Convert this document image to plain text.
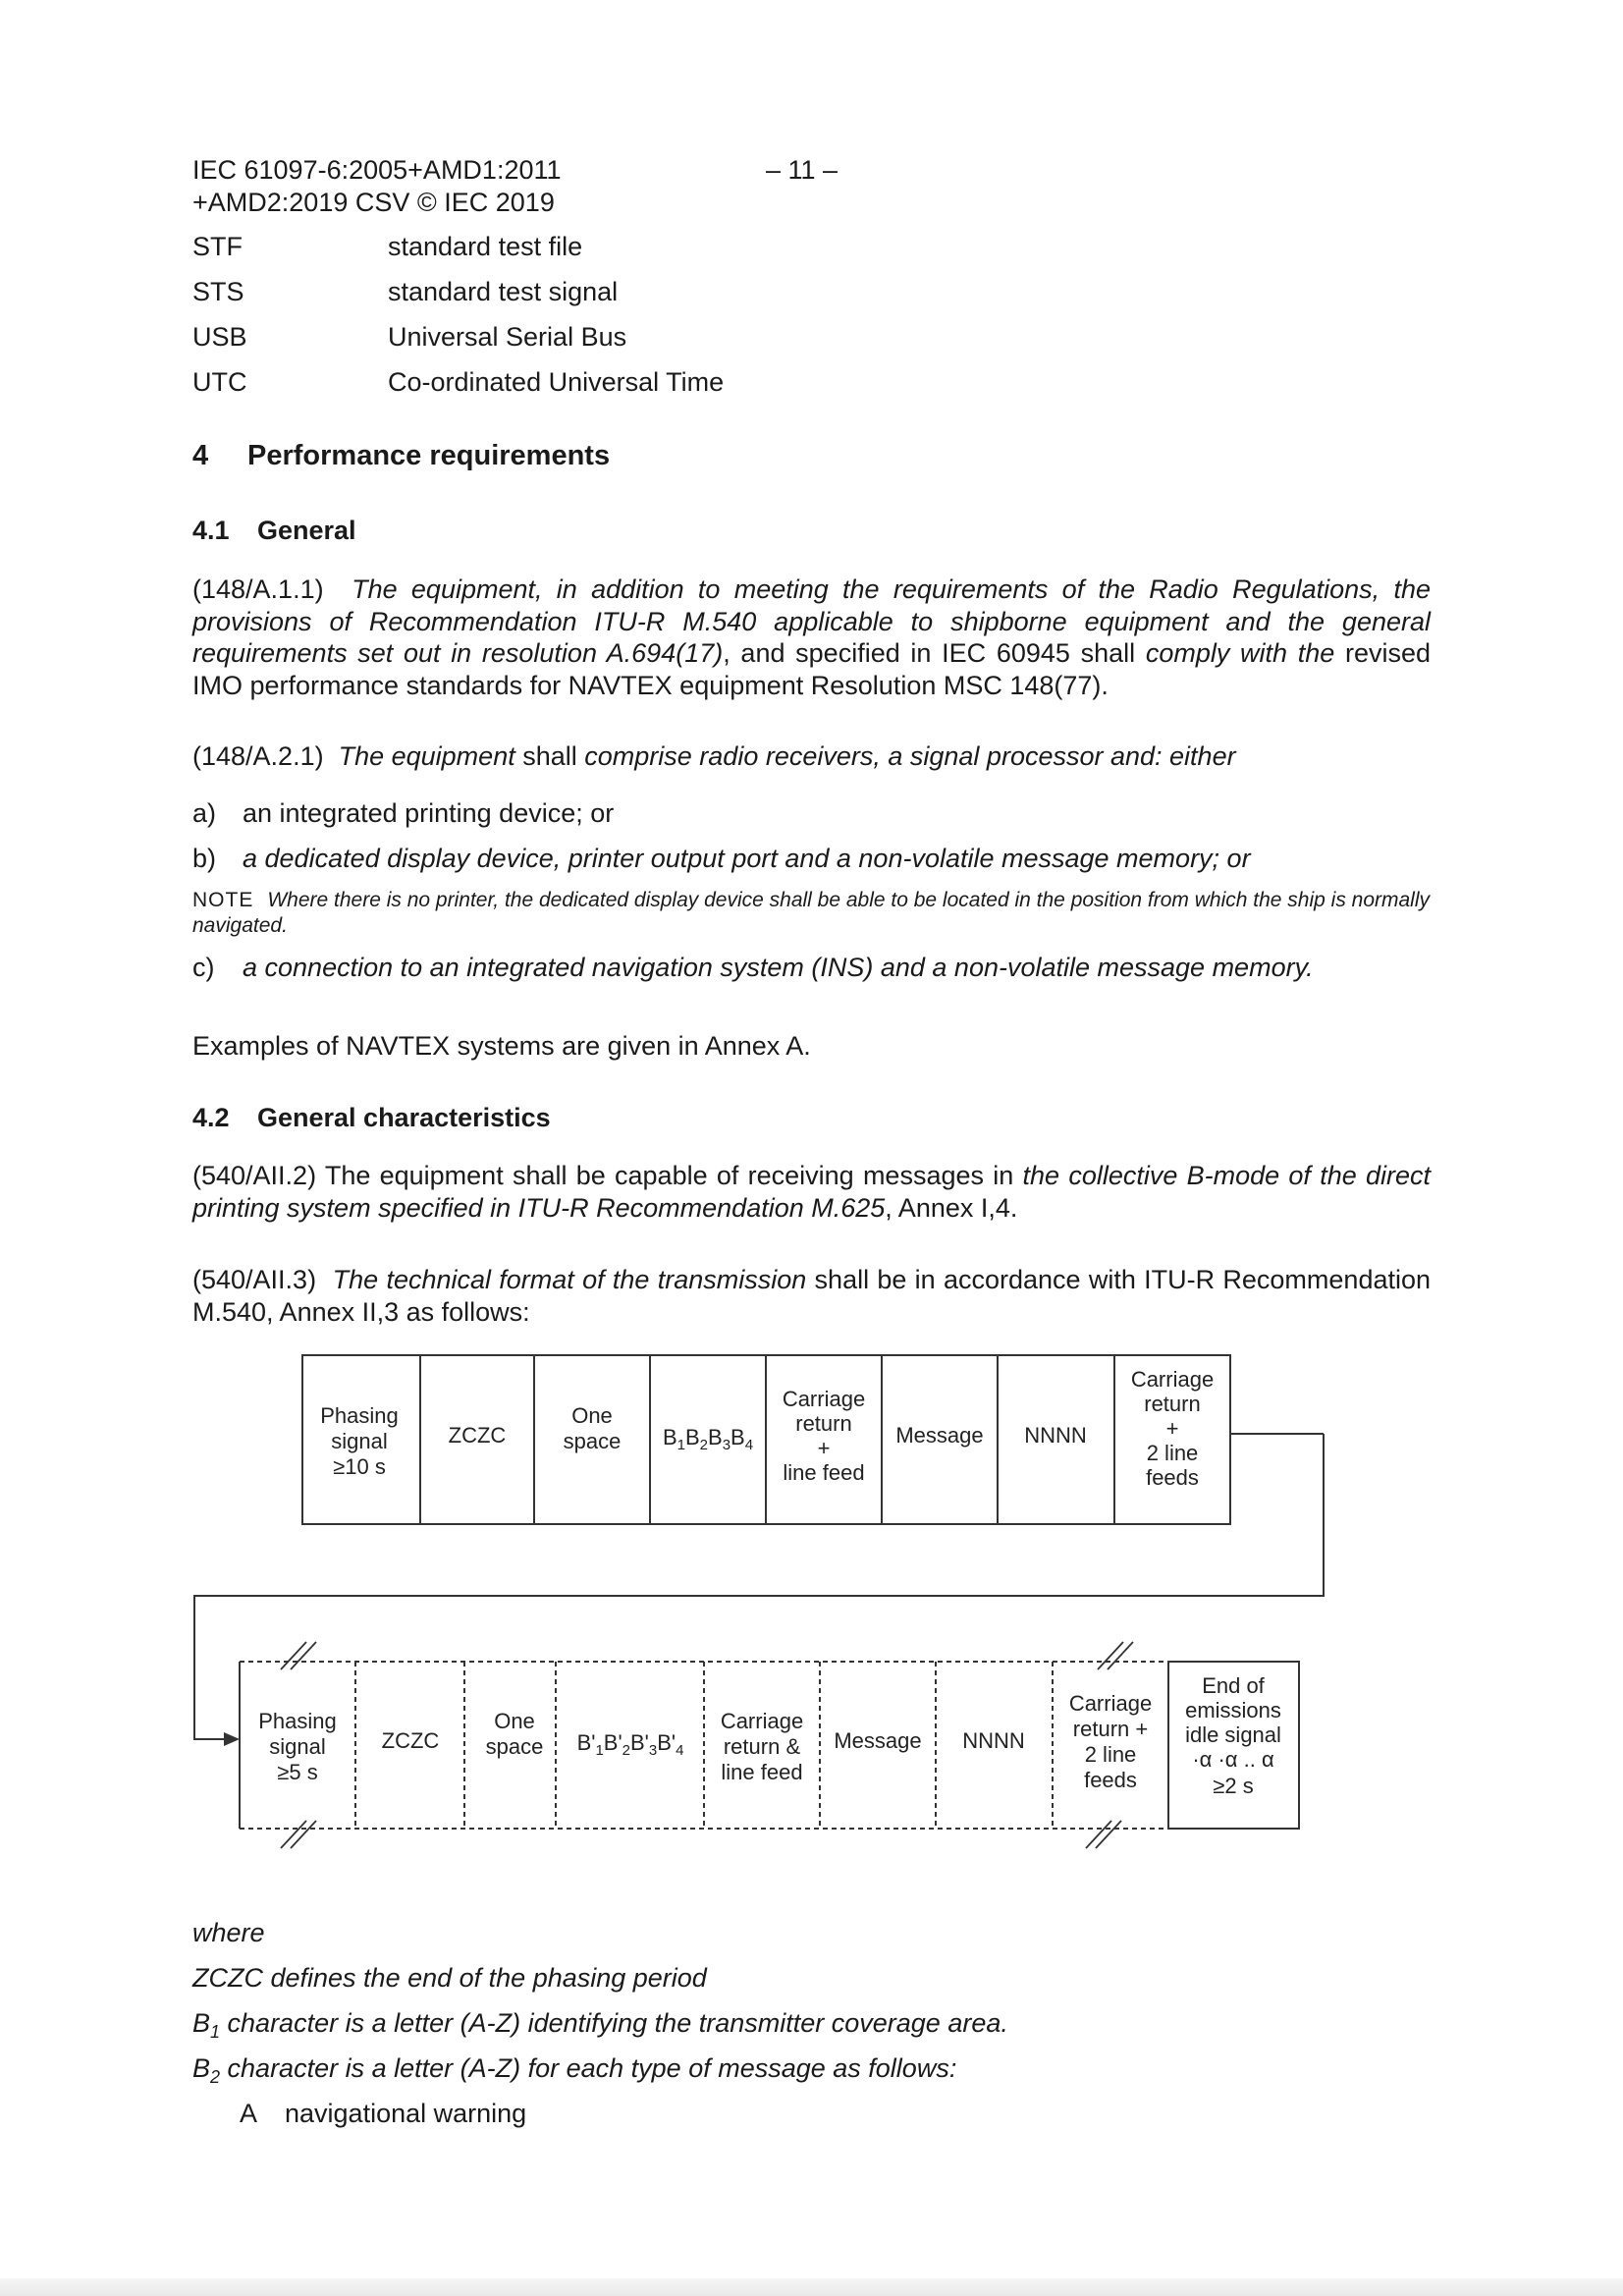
IEC 61097-6:2005+AMD1:2011
+AMD2:2019 CSV © IEC 2019
– 11 –
STF	standard test file
STS	standard test signal
USB	Universal Serial Bus
UTC	Co-ordinated Universal Time
4 Performance requirements
4.1 General
(148/A.1.1) The equipment, in addition to meeting the requirements of the Radio Regulations, the provisions of Recommendation ITU-R M.540 applicable to shipborne equipment and the general requirements set out in resolution A.694(17), and specified in IEC 60945 shall comply with the revised IMO performance standards for NAVTEX equipment Resolution MSC 148(77).
(148/A.2.1) The equipment shall comprise radio receivers, a signal processor and: either
a) an integrated printing device; or
b) a dedicated display device, printer output port and a non-volatile message memory; or
NOTE Where there is no printer, the dedicated display device shall be able to be located in the position from which the ship is normally navigated.
c) a connection to an integrated navigation system (INS) and a non-volatile message memory.
Examples of NAVTEX systems are given in Annex A.
4.2 General characteristics
(540/AII.2) The equipment shall be capable of receiving messages in the collective B-mode of the direct printing system specified in ITU-R Recommendation M.625, Annex I,4.
(540/AII.3) The technical format of the transmission shall be in accordance with ITU-R Recommendation M.540, Annex II,3 as follows:
Phasing
signal
≥10 s
ZCZC
One
space $B_1B_2B_3B_4$
Carriage
return
+
line feed
Message NNNN
Carriage
return
+
2 line
feeds
Phasing
signal
≥5 s
ZCZC
One
space $B'_1B'_2B'_3B'_4$
Carriage
return &
line feed
Message NNNN
Carriage
return +
2 line
feeds
End of
emissions
idle signal
·α ·α .. α
≥2 s
where
ZCZC defines the end of the phasing period
$B_1$ character is a letter (A-Z) identifying the transmitter coverage area.
$B_2$ character is a letter (A-Z) for each type of message as follows:
A navigational warning
